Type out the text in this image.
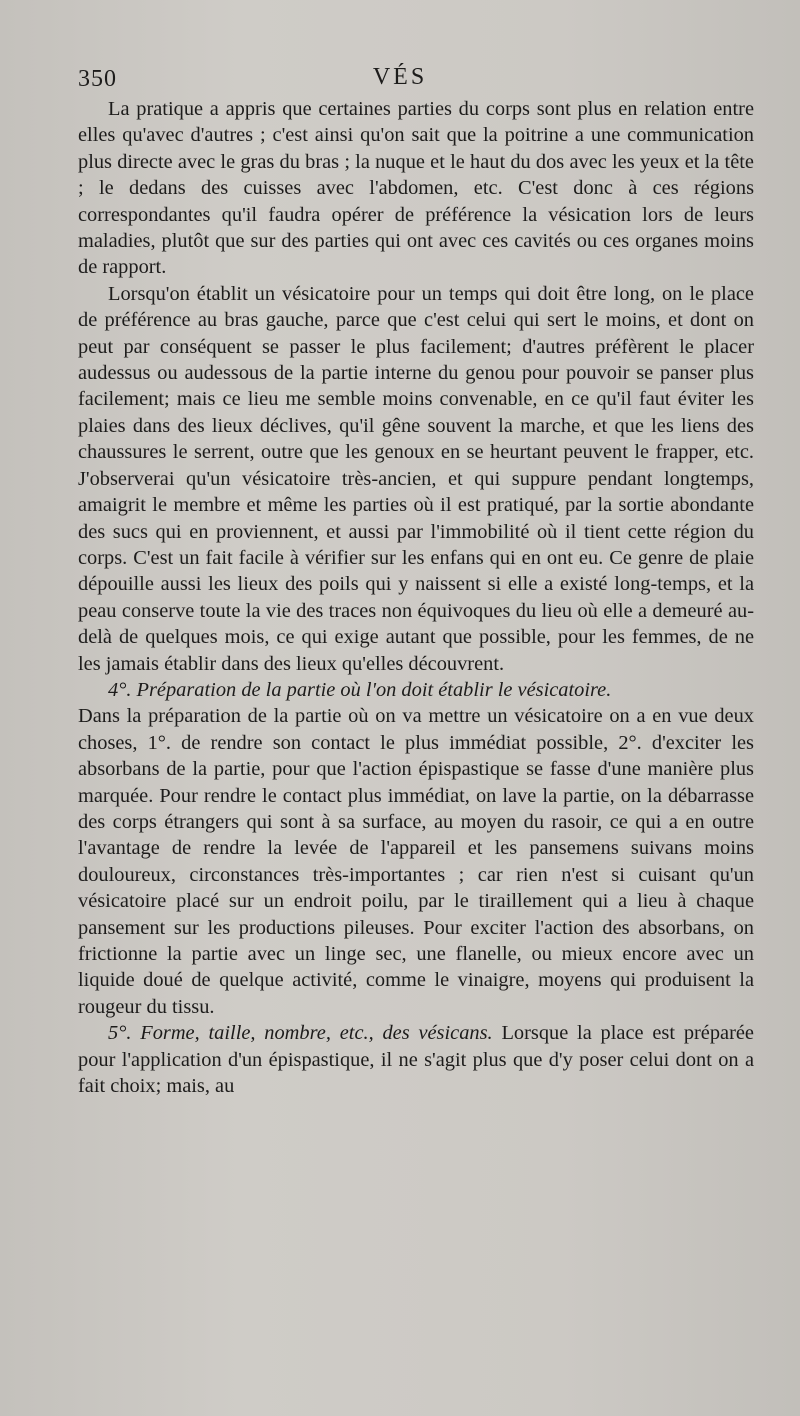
350	VÉS

La pratique a appris que certaines parties du corps sont plus en relation entre elles qu'avec d'autres ; c'est ainsi qu'on sait que la poitrine a une communication plus directe avec le gras du bras ; la nuque et le haut du dos avec les yeux et la tête ; le dedans des cuisses avec l'abdomen, etc. C'est donc à ces régions correspondantes qu'il faudra opérer de préférence la vésication lors de leurs maladies, plutôt que sur des parties qui ont avec ces cavités ou ces organes moins de rapport.

Lorsqu'on établit un vésicatoire pour un temps qui doit être long, on le place de préférence au bras gauche, parce que c'est celui qui sert le moins, et dont on peut par conséquent se passer le plus facilement; d'autres préfèrent le placer audessus ou audessous de la partie interne du genou pour pouvoir se panser plus facilement; mais ce lieu me semble moins convenable, en ce qu'il faut éviter les plaies dans des lieux déclives, qu'il gêne souvent la marche, et que les liens des chaussures le serrent, outre que les genoux en se heurtant peuvent le frapper, etc. J'observerai qu'un vésicatoire très-ancien, et qui suppure pendant longtemps, amaigrit le membre et même les parties où il est pratiqué, par la sortie abondante des sucs qui en proviennent, et aussi par l'immobilité où il tient cette région du corps. C'est un fait facile à vérifier sur les enfans qui en ont eu. Ce genre de plaie dépouille aussi les lieux des poils qui y naissent si elle a existé long-temps, et la peau conserve toute la vie des traces non équivoques du lieu où elle a demeuré au-delà de quelques mois, ce qui exige autant que possible, pour les femmes, de ne les jamais établir dans des lieux qu'elles découvrent.

4°. Préparation de la partie où l'on doit établir le vésicatoire.

Dans la préparation de la partie où on va mettre un vésicatoire on a en vue deux choses, 1°. de rendre son contact le plus immédiat possible, 2°. d'exciter les absorbans de la partie, pour que l'action épispastique se fasse d'une manière plus marquée. Pour rendre le contact plus immédiat, on lave la partie, on la débarrasse des corps étrangers qui sont à sa surface, au moyen du rasoir, ce qui a en outre l'avantage de rendre la levée de l'appareil et les pansemens suivans moins douloureux, circonstances très-importantes ; car rien n'est si cuisant qu'un vésicatoire placé sur un endroit poilu, par le tiraillement qui a lieu à chaque pansement sur les productions pileuses. Pour exciter l'action des absorbans, on frictionne la partie avec un linge sec, une flanelle, ou mieux encore avec un liquide doué de quelque activité, comme le vinaigre, moyens qui produisent la rougeur du tissu.

5°. Forme, taille, nombre, etc., des vésicans. Lorsque la place est préparée pour l'application d'un épispastique, il ne s'agit plus que d'y poser celui dont on a fait choix; mais, au
